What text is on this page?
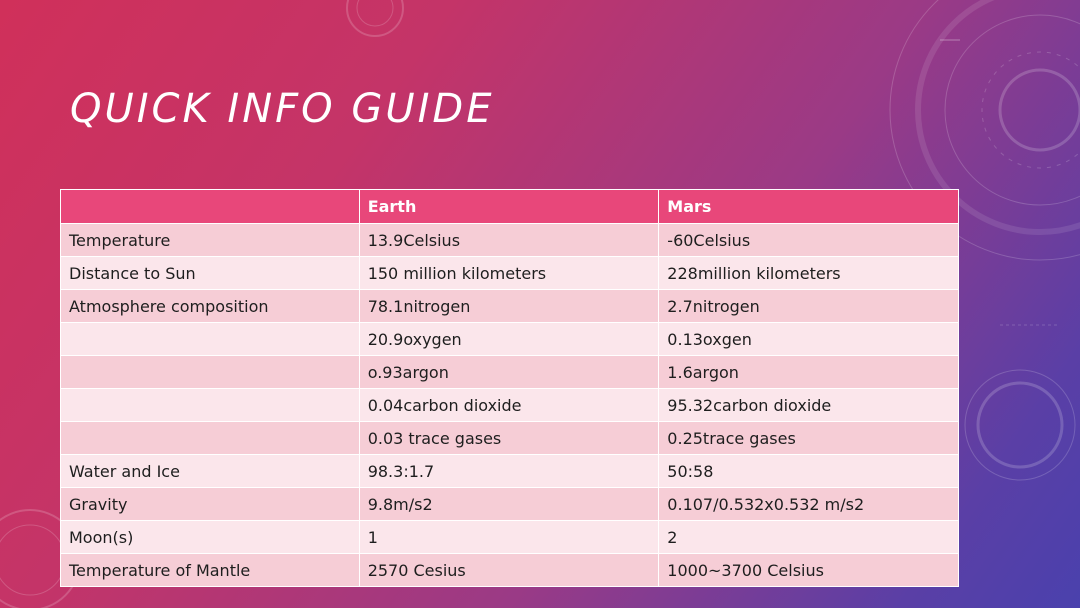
QUICK INFO GUIDE
	Earth	Mars
Temperature	13.9Celsius	-60Celsius
Distance to Sun	150 million kilometers	228million kilometers
Atmosphere composition	78.1nitrogen	2.7nitrogen
	20.9oxygen	0.13oxgen
	o.93argon	1.6argon
	0.04carbon dioxide	95.32carbon dioxide
	0.03 trace gases	0.25trace gases
Water and Ice	98.3:1.7	50:58
Gravity	9.8m/s2	0.107/0.532x0.532 m/s2
Moon(s)	1	2
Temperature of Mantle	2570 Cesius	1000~3700 Celsius
